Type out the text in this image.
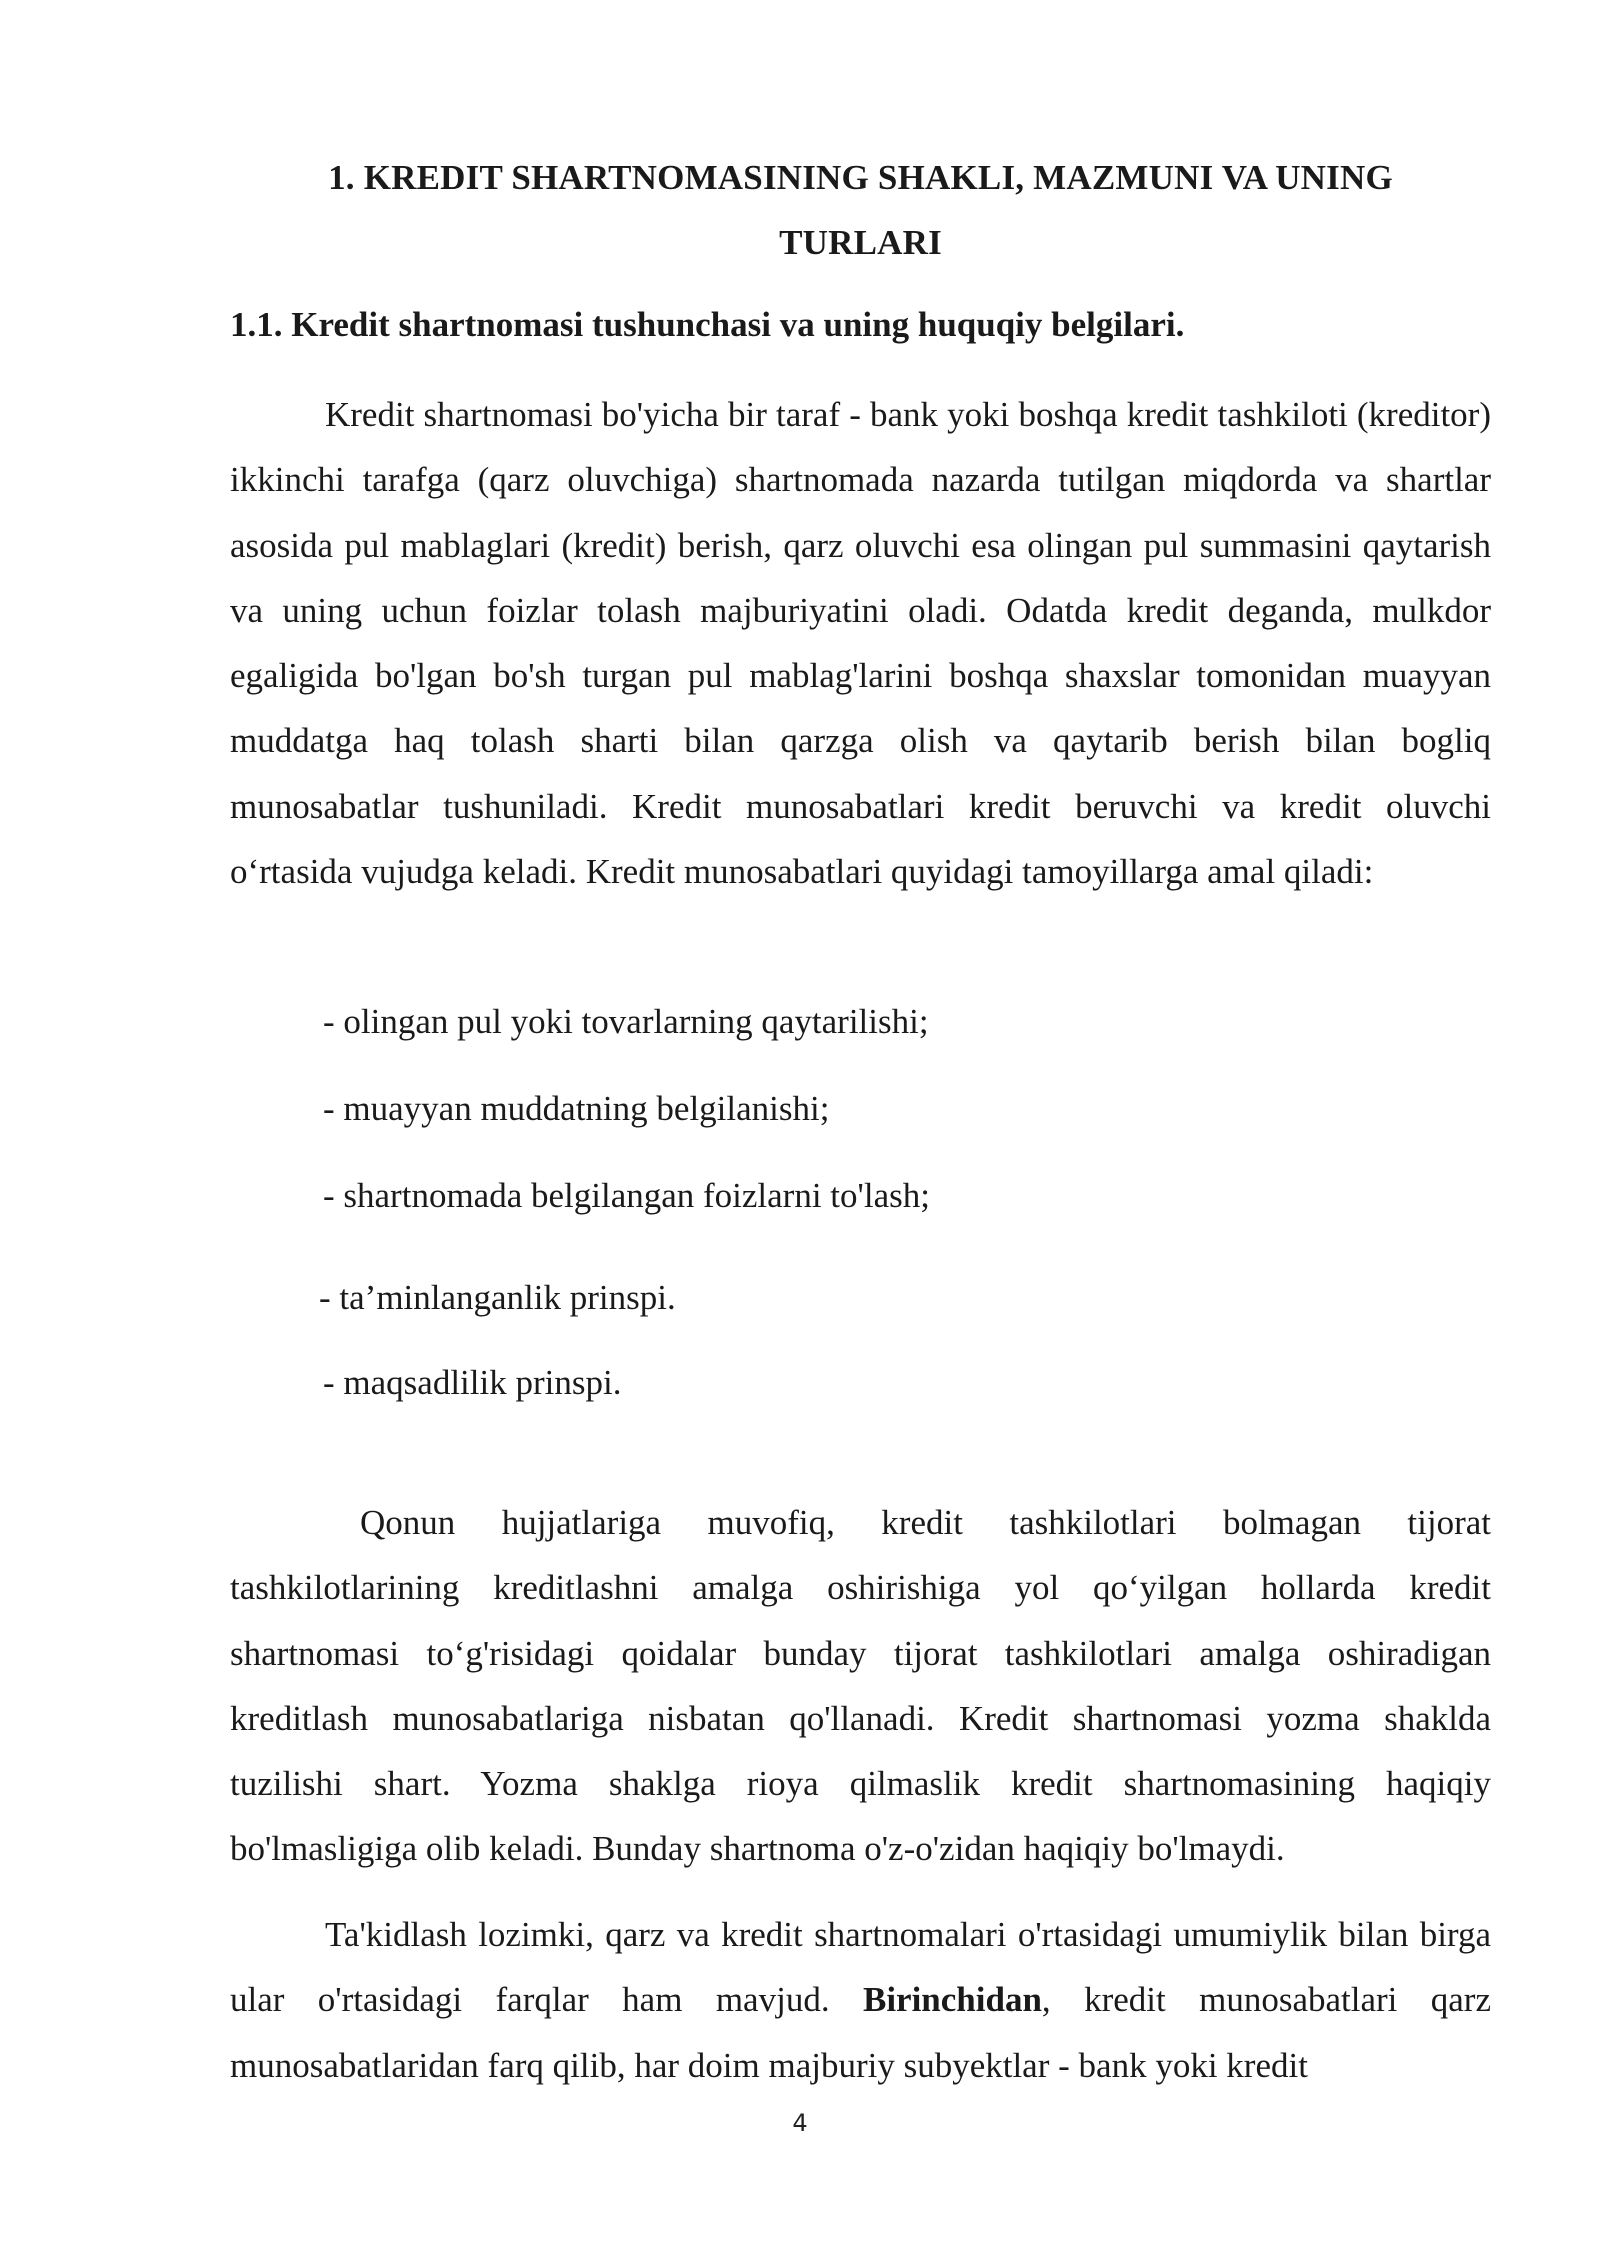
1. KREDIT SHARTNOMASINING SHAKLI, MAZMUNI VA UNING
TURLARI
1.1. Kredit shartnomasi tushunchasi va uning huquqiy belgilari.

Kredit shartnomasi bo'yicha bir taraf - bank yoki boshqa kredit tashkiloti (kreditor) ikkinchi tarafga (qarz oluvchiga) shartnomada nazarda tutilgan miqdorda va shartlar asosida pul mablaglari (kredit) berish, qarz oluvchi esa olingan pul summasini qaytarish va uning uchun foizlar tolash majburiyatini oladi. Odatda kredit deganda, mulkdor egaligida bo'lgan bo'sh turgan pul mablag'larini boshqa shaxslar tomonidan muayyan muddatga haq tolash sharti bilan qarzga olish va qaytarib berish bilan bogliq munosabatlar tushuniladi. Kredit munosabatlari kredit beruvchi va kredit oluvchi oʻrtasida vujudga keladi. Kredit munosabatlari quyidagi tamoyillarga amal qiladi:

- olingan pul yoki tovarlarning qaytarilishi;

- muayyan muddatning belgilanishi;

- shartnomada belgilangan foizlarni to'lash;

- ta’minlanganlik prinspi.

- maqsadlilik prinspi.

Qonun hujjatlariga muvofiq, kredit tashkilotlari bolmagan tijorat tashkilotlarining kreditlashni amalga oshirishiga yol qoʻyilgan hollarda kredit shartnomasi toʻg'risidagi qoidalar bunday tijorat tashkilotlari amalga oshiradigan kreditlash munosabatlariga nisbatan qo'llanadi. Kredit shartnomasi yozma shaklda tuzilishi shart. Yozma shaklga rioya qilmaslik kredit shartnomasining haqiqiy bo'lmasligiga olib keladi. Bunday shartnoma o'z-o'zidan haqiqiy bo'lmaydi.

Ta'kidlash lozimki, qarz va kredit shartnomalari o'rtasidagi umumiylik bilan birga ular o'rtasidagi farqlar ham mavjud. Birinchidan, kredit munosabatlari qarz munosabatlaridan farq qilib, har doim majburiy subyektlar - bank yoki kredit

4
